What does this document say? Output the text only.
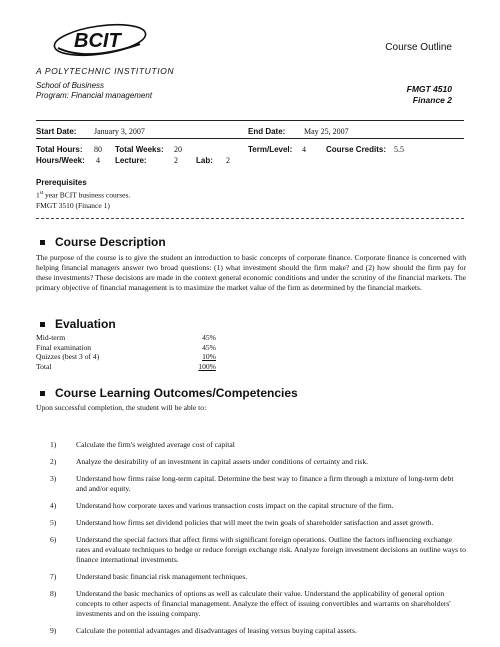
BCIT
A POLYTECHNIC INSTITUTION
Course Outline
School of Business
Program: Financial management
FMGT 4510
Finance 2
Start Date: January 3, 2007	End Date: May 25, 2007
Total Hours: 80 Total Weeks: 20	Term/Level: 4	Course Credits: 5.5
Hours/Week: 4 Lecture:	2 Lab: 2
Prerequisites
1st year BCIT business courses.
FMGT 3510 (Finance 1)
Course Description
The purpose of the course is to give the student an introduction to basic concepts of corporate finance. Corporate finance is concerned with helping financial managers answer two broad questions: (1) what investment should the firm make? and (2) how should the firm pay for these investments? These decisions are made in the context general economic conditions and under the scrutiny of the financial markets. The primary objective of financial management is to maximize the market value of the firm as determined by the financial markets.
Evaluation
Mid-term	45%
Final examination	45%
Quizzes (best 3 of 4)	10%
Total	100%
Course Learning Outcomes/Competencies
Upon successful completion, the student will be able to:
1)	Calculate the firm's weighted average cost of capital
2)	Analyze the desirability of an investment in capital assets under conditions of certainty and risk.
3)	Understand how firms raise long-term capital. Determine the best way to finance a firm through a mixture of long-term debt and and/or equity.
4)	Understand how corporate taxes and various transaction costs impact on the capital structure of the firm.
5)	Understand how firms set dividend policies that will meet the twin goals of shareholder satisfaction and asset growth.
6)	Understand the special factors that affect firms with significant foreign operations. Outline the factors influencing exchange rates and evaluate techniques to hedge or reduce foreign exchange risk. Analyze foreign investment decisions an outline ways to finance international investments.
7)	Understand basic financial risk management techniques.
8)	Understand the basic mechanics of options as well as calculate their value. Understand the applicability of general option concepts to other aspects of financial management. Analyze the effect of issuing convertibles and warrants on shareholders' investments and on the issuing company.
9)	Calculate the potential advantages and disadvantages of leasing versus buying capital assets.
